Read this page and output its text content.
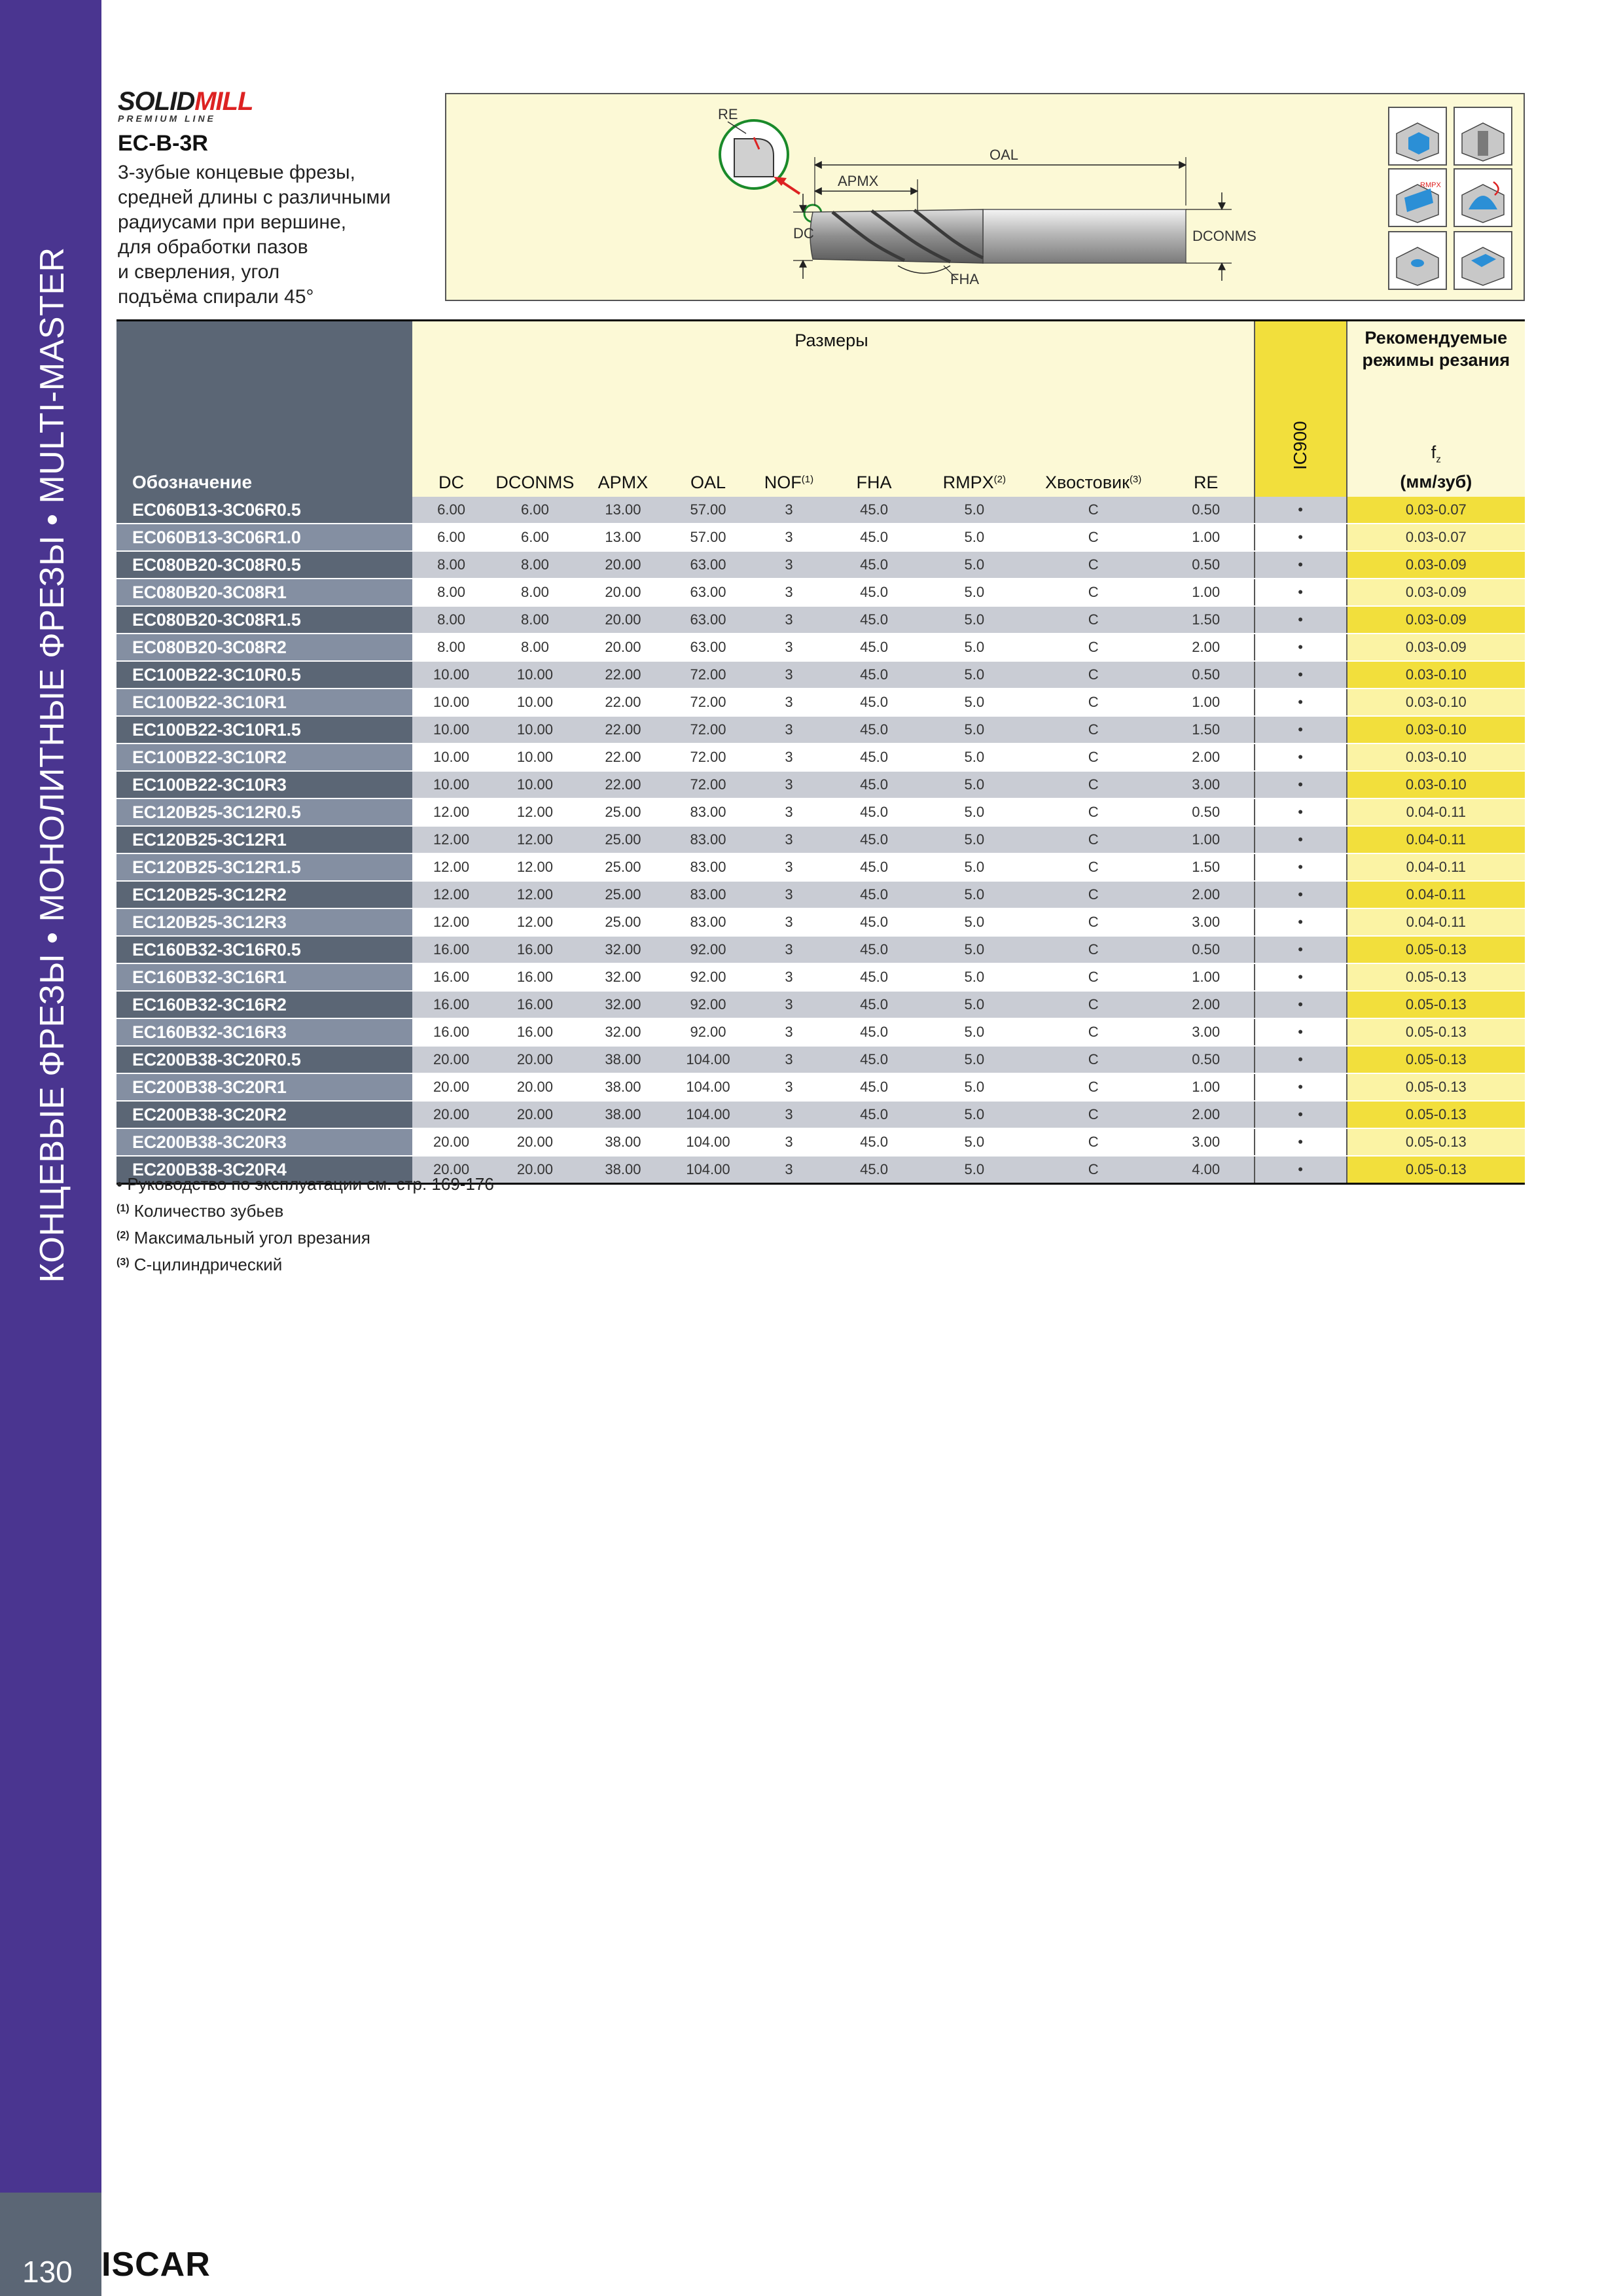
КОНЦЕВЫЕ ФРЕЗЫ • МОНОЛИТНЫЕ ФРЕЗЫ • MULTI-MASTER
130 ISCAR
SOLIDMILL
PREMIUM LINE
EC-B-3R
3-зубые концевые фрезы,
средней длины с различными
радиусами при вершине,
для обработки пазов
и сверления, угол
подъёма спирали 45°
RE
OAL
APMX
DC	DCONMS
FHA
RMPX
Обозначение	DC	DCONMS	APMX	OAL	NOF$^{(1)}$	FHA	RMPX$^{(2)}$	Хвостовик$^{(3)}$	RE	IC900	Рекомендуемые
режимы резания
$f_z$
(мм/зуб)

EC060B13-3C06R0.5	6.00	6.00	13.00	57.00	3	45.0	5.0	C	0.50	•	0.03-0.07
EC060B13-3C06R1.0	6.00	6.00	13.00	57.00	3	45.0	5.0	C	1.00	•	0.03-0.07
EC080B20-3C08R0.5	8.00	8.00	20.00	63.00	3	45.0	5.0	C	0.50	•	0.03-0.09
EC080B20-3C08R1	8.00	8.00	20.00	63.00	3	45.0	5.0	C	1.00	•	0.03-0.09
EC080B20-3C08R1.5	8.00	8.00	20.00	63.00	3	45.0	5.0	C	1.50	•	0.03-0.09
EC080B20-3C08R2	8.00	8.00	20.00	63.00	3	45.0	5.0	C	2.00	•	0.03-0.09
EC100B22-3C10R0.5	10.00	10.00	22.00	72.00	3	45.0	5.0	C	0.50	•	0.03-0.10
EC100B22-3C10R1	10.00	10.00	22.00	72.00	3	45.0	5.0	C	1.00	•	0.03-0.10
EC100B22-3C10R1.5	10.00	10.00	22.00	72.00	3	45.0	5.0	C	1.50	•	0.03-0.10
EC100B22-3C10R2	10.00	10.00	22.00	72.00	3	45.0	5.0	C	2.00	•	0.03-0.10
EC100B22-3C10R3	10.00	10.00	22.00	72.00	3	45.0	5.0	C	3.00	•	0.03-0.10
EC120B25-3C12R0.5	12.00	12.00	25.00	83.00	3	45.0	5.0	C	0.50	•	0.04-0.11
EC120B25-3C12R1	12.00	12.00	25.00	83.00	3	45.0	5.0	C	1.00	•	0.04-0.11
EC120B25-3C12R1.5	12.00	12.00	25.00	83.00	3	45.0	5.0	C	1.50	•	0.04-0.11
EC120B25-3C12R2	12.00	12.00	25.00	83.00	3	45.0	5.0	C	2.00	•	0.04-0.11
EC120B25-3C12R3	12.00	12.00	25.00	83.00	3	45.0	5.0	C	3.00	•	0.04-0.11
EC160B32-3C16R0.5	16.00	16.00	32.00	92.00	3	45.0	5.0	C	0.50	•	0.05-0.13
EC160B32-3C16R1	16.00	16.00	32.00	92.00	3	45.0	5.0	C	1.00	•	0.05-0.13
EC160B32-3C16R2	16.00	16.00	32.00	92.00	3	45.0	5.0	C	2.00	•	0.05-0.13
EC160B32-3C16R3	16.00	16.00	32.00	92.00	3	45.0	5.0	C	3.00	•	0.05-0.13
EC200B38-3C20R0.5	20.00	20.00	38.00	104.00	3	45.0	5.0	C	0.50	•	0.05-0.13
EC200B38-3C20R1	20.00	20.00	38.00	104.00	3	45.0	5.0	C	1.00	•	0.05-0.13
EC200B38-3C20R2	20.00	20.00	38.00	104.00	3	45.0	5.0	C	2.00	•	0.05-0.13
EC200B38-3C20R3	20.00	20.00	38.00	104.00	3	45.0	5.0	C	3.00	•	0.05-0.13
EC200B38-3C20R4	20.00	20.00	38.00	104.00	3	45.0	5.0	C	4.00	•	0.05-0.13
Размеры
• Руководство по эксплуатации см. стр. 169-176
$^{(1)}$ Количество зубьев
$^{(2)}$ Максимальный угол врезания
$^{(3)}$ C-цилиндрический
